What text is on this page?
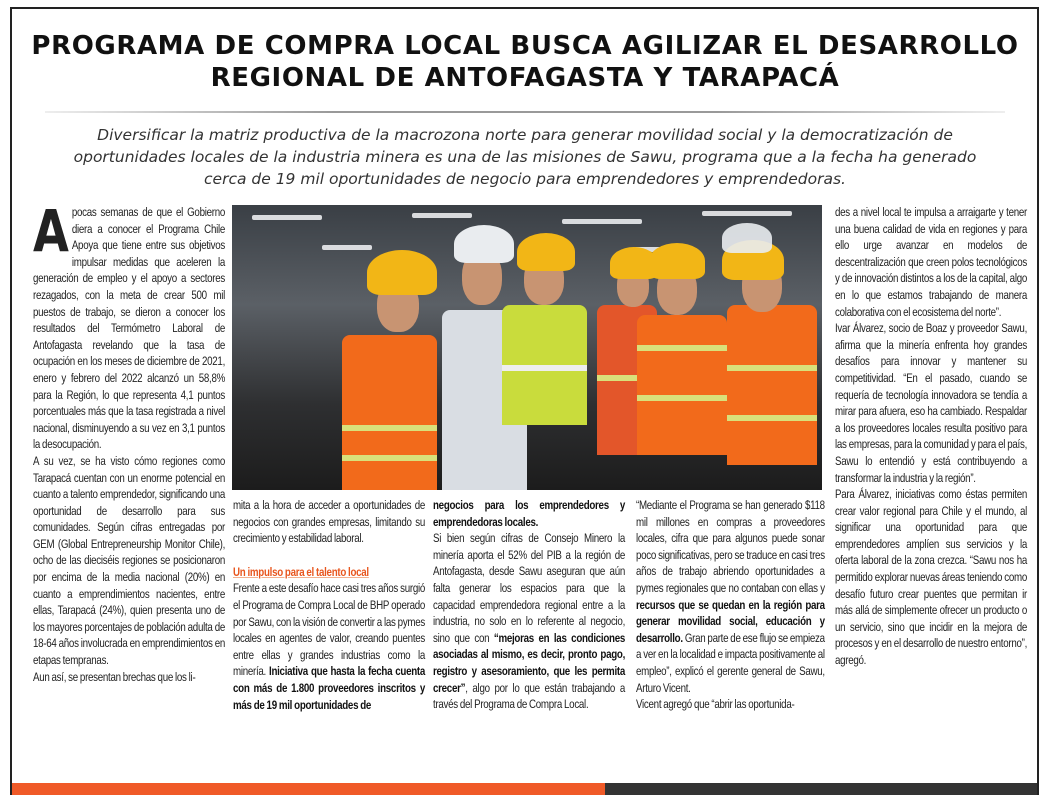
PROGRAMA DE COMPRA LOCAL BUSCA AGILIZAR EL DESARROLLO
REGIONAL DE ANTOFAGASTA Y TARAPACÁ

Diversificar la matriz productiva de la macrozona norte para generar movilidad social y la democratización de oportunidades locales de la industria minera es una de las misiones de Sawu, programa que a la fecha ha generado cerca de 19 mil oportunidades de negocio para emprendedores y emprendedoras.

A pocas semanas de que el Gobierno diera a conocer el Programa Chile Apoya que tiene entre sus objetivos impulsar medidas que aceleren la generación de empleo y el apoyo a sectores rezagados, con la meta de crear 500 mil puestos de trabajo, se dieron a conocer los resultados del Termómetro Laboral de Antofagasta revelando que la tasa de ocupación en los meses de diciembre de 2021, enero y febrero del 2022 alcanzó un 58,8% para la Región, lo que representa 4,1 puntos porcentuales más que la tasa registrada a nivel nacional, disminuyendo a su vez en 3,1 puntos la desocupación.

A su vez, se ha visto cómo regiones como Tarapacá cuentan con un enorme potencial en cuanto a talento emprendedor, significando una oportunidad de desarrollo para sus comunidades. Según cifras entregadas por GEM (Global Entrepreneurship Monitor Chile), ocho de las dieciséis regiones se posicionaron por encima de la media nacional (20%) en cuanto a emprendimientos nacientes, entre ellas, Tarapacá (24%), quien presenta uno de los mayores porcentajes de población adulta de 18-64 años involucrada en emprendimientos en etapas tempranas.

Aun así, se presentan brechas que los li-

mita a la hora de acceder a oportunidades de negocios con grandes empresas, limitando su crecimiento y estabilidad laboral.

Un impulso para el talento local

Frente a este desafío hace casi tres años surgió el Programa de Compra Local de BHP operado por Sawu, con la visión de convertir a las pymes locales en agentes de valor, creando puentes entre ellas y grandes industrias como la minería. Iniciativa que hasta la fecha cuenta con más de 1.800 proveedores inscritos y más de 19 mil oportunidades de

negocios para los emprendedores y emprendedoras locales.

Si bien según cifras de Consejo Minero la minería aporta el 52% del PIB a la región de Antofagasta, desde Sawu aseguran que aún falta generar los espacios para que la capacidad emprendedora regional entre a la industria, no solo en lo referente al negocio, sino que con “mejoras en las condiciones asociadas al mismo, es decir, pronto pago, registro y asesoramiento, que les permita crecer”, algo por lo que están trabajando a través del Programa de Compra Local.

“Mediante el Programa se han generado $118 mil millones en compras a proveedores locales, cifra que para algunos puede sonar poco significativas, pero se traduce en casi tres años de trabajo abriendo oportunidades a pymes regionales que no contaban con ellas y recursos que se quedan en la región para generar movilidad social, educación y desarrollo. Gran parte de ese flujo se empieza a ver en la localidad e impacta positivamente al empleo”, explicó el gerente general de Sawu, Arturo Vicent.

Vicent agregó que “abrir las oportunida-

des a nivel local te impulsa a arraigarte y tener una buena calidad de vida en regiones y para ello urge avanzar en modelos de descentralización que creen polos tecnológicos y de innovación distintos a los de la capital, algo en lo que estamos trabajando de manera colaborativa con el ecosistema del norte”.

Ivar Álvarez, socio de Boaz y proveedor Sawu, afirma que la minería enfrenta hoy grandes desafíos para innovar y mantener su competitividad. “En el pasado, cuando se requería de tecnología innovadora se tendía a mirar para afuera, eso ha cambiado. Respaldar a los proveedores locales resulta positivo para las empresas, para la comunidad y para el país, Sawu lo entendió y está contribuyendo a transformar la industria y la región”.

Para Álvarez, iniciativas como éstas permiten crear valor regional para Chile y el mundo, al significar una oportunidad para que emprendedores amplíen sus servicios y la oferta laboral de la zona crezca. “Sawu nos ha permitido explorar nuevas áreas teniendo como desafío futuro crear puentes que permitan ir más allá de simplemente ofrecer un producto o un servicio, sino que incidir en la mejora de procesos y en el desarrollo de nuestro entorno”, agregó.
